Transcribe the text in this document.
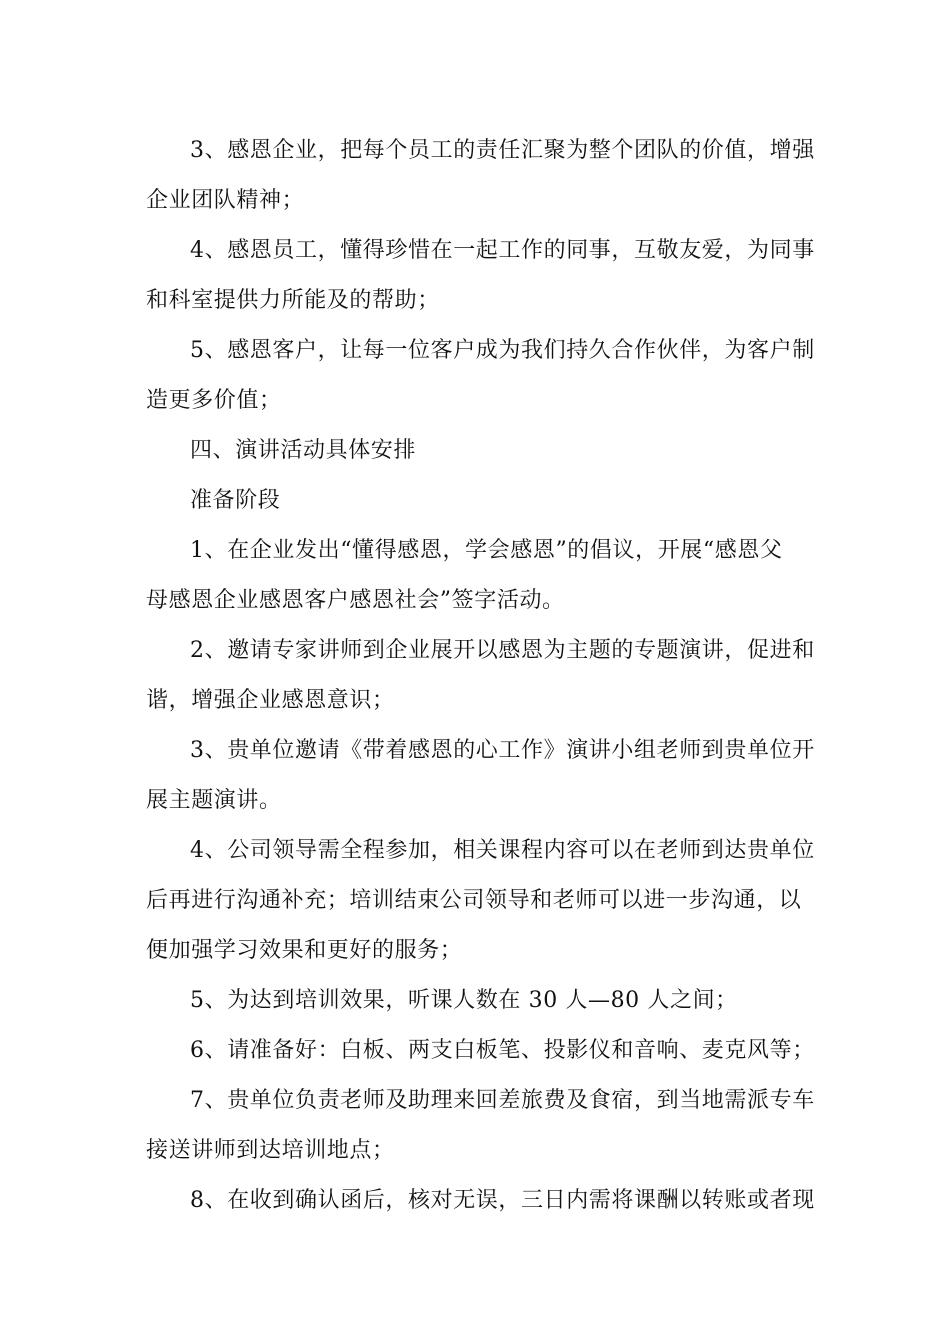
3、感恩企业，把每个员工的责任汇聚为整个团队的价值，增强
企业团队精神；
4、感恩员工，懂得珍惜在一起工作的同事，互敬友爱，为同事
和科室提供力所能及的帮助；
5、感恩客户，让每一位客户成为我们持久合作伙伴，为客户制
造更多价值；
四、演讲活动具体安排
准备阶段
1、在企业发出“懂得感恩，学会感恩”的倡议，开展“感恩父
母感恩企业感恩客户感恩社会”签字活动。
2、邀请专家讲师到企业展开以感恩为主题的专题演讲，促进和
谐，增强企业感恩意识；
3、贵单位邀请《带着感恩的心工作》演讲小组老师到贵单位开
展主题演讲。
4、公司领导需全程参加，相关课程内容可以在老师到达贵单位
后再进行沟通补充；培训结束公司领导和老师可以进一步沟通，以
便加强学习效果和更好的服务；
5、为达到培训效果，听课人数在 30 人—80 人之间；
6、请准备好：白板、两支白板笔、投影仪和音响、麦克风等；
7、贵单位负责老师及助理来回差旅费及食宿，到当地需派专车
接送讲师到达培训地点；
8、在收到确认函后，核对无误，三日内需将课酬以转账或者现
